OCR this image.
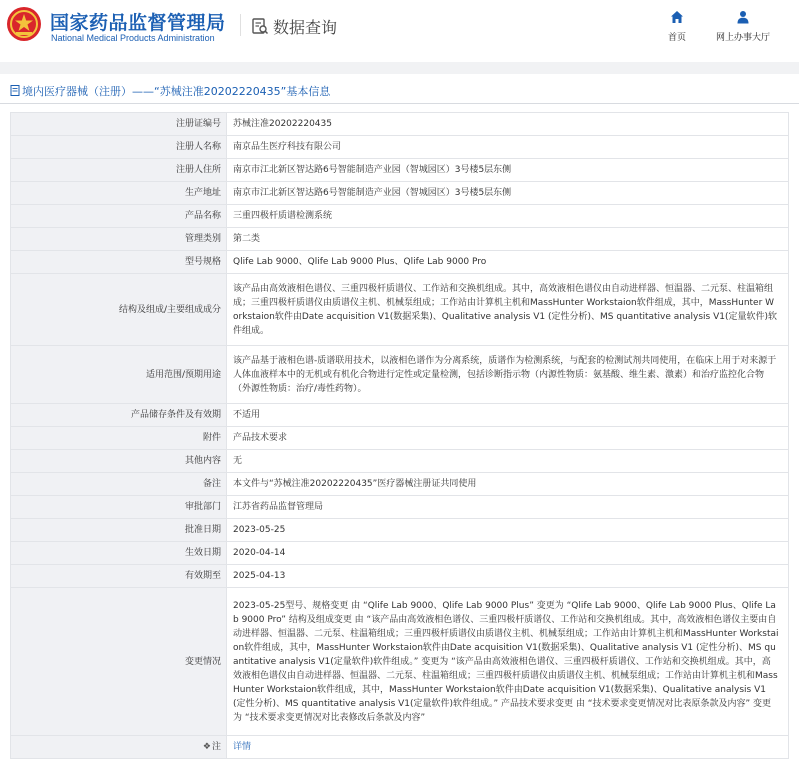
国家药品监督管理局
National Medical Products Administration
数据查询
首页	网上办事大厅
境内医疗器械（注册）——“苏械注准20202220435”基本信息
注册证编号	苏械注准20202220435
注册人名称	南京品生医疗科技有限公司
注册人住所	南京市江北新区智达路6号智能制造产业园（智城园区）3号楼5层东侧
生产地址	南京市江北新区智达路6号智能制造产业园（智城园区）3号楼5层东侧
产品名称	三重四极杆质谱检测系统
管理类别	第二类
型号规格	Qlife Lab 9000、Qlife Lab 9000 Plus、Qlife Lab 9000 Pro
结构及组成/主要组成成分	该产品由高效液相色谱仪、三重四极杆质谱仪、工作站和交换机组成。其中，高效液相色谱仪由自动进样器、恒温器、二元泵、柱温箱组成；三重四极杆质谱仪由质谱仪主机、机械泵组成；工作站由计算机主机和MassHunter Workstaion软件组成，其中，MassHunter Workstaion软件由Date acquisition V1(数据采集)、Qualitative analysis V1 (定性分析)、MS quantitative analysis V1(定量软件)软件组成。
适用范围/预期用途	该产品基于液相色谱-质谱联用技术，以液相色谱作为分离系统，质谱作为检测系统，与配套的检测试剂共同使用，在临床上用于对来源于人体血液样本中的无机或有机化合物进行定性或定量检测，包括诊断指示物（内源性物质：氨基酸、维生素、激素）和治疗监控化合物（外源性物质：治疗/毒性药物）。
产品储存条件及有效期	不适用
附件	产品技术要求
其他内容	无
备注	本文件与“苏械注准20202220435”医疗器械注册证共同使用
审批部门	江苏省药品监督管理局
批准日期	2023-05-25
生效日期	2020-04-14
有效期至	2025-04-13
变更情况	2023-05-25型号、规格变更 由 “Qlife Lab 9000、Qlife Lab 9000 Plus” 变更为 “Qlife Lab 9000、Qlife Lab 9000 Plus、Qlife Lab 9000 Pro” 结构及组成变更 由 “该产品由高效液相色谱仪、三重四极杆质谱仪、工作站和交换机组成。其中，高效液相色谱仪主要由自动进样器、恒温器、二元泵、柱温箱组成；三重四极杆质谱仪由质谱仪主机、机械泵组成；工作站由计算机主机和MassHunter Workstaion软件组成，其中，MassHunter Workstaion软件由Date acquisition V1(数据采集)、Qualitative analysis V1 (定性分析)、MS quantitative analysis V1(定量软件)软件组成。” 变更为 “该产品由高效液相色谱仪、三重四极杆质谱仪、工作站和交换机组成。其中，高效液相色谱仪由自动进样器、恒温器、二元泵、柱温箱组成；三重四极杆质谱仪由质谱仪主机、机械泵组成；工作站由计算机主机和MassHunter Workstaion软件组成，其中，MassHunter Workstaion软件由Date acquisition V1(数据采集)、Qualitative analysis V1 (定性分析)、MS quantitative analysis V1(定量软件)软件组成。” 产品技术要求变更 由 “技术要求变更情况对比表原条款及内容” 变更为 “技术要求变更情况对比表修改后条款及内容”
❖注	详情
